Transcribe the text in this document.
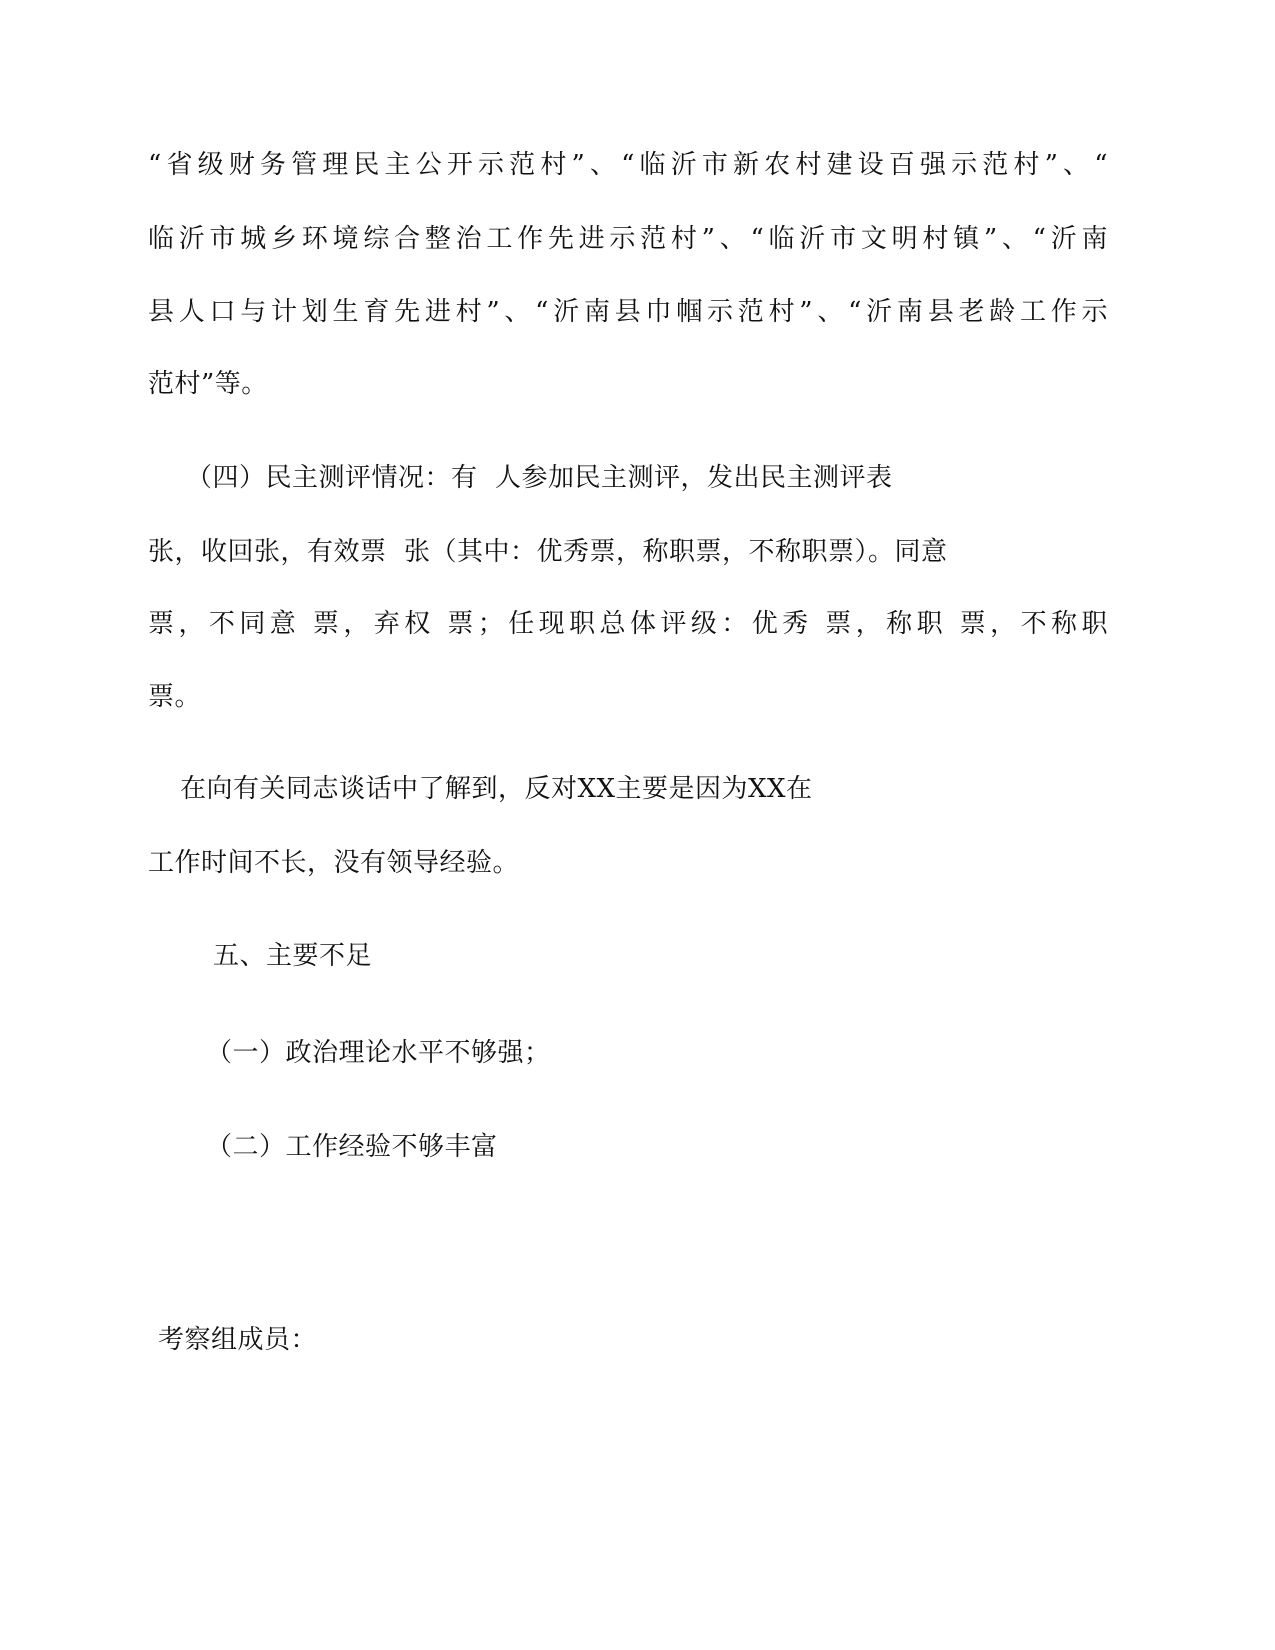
“省级财务管理民主公开示范村”、“临沂市新农村建设百强示范村”、“
临沂市城乡环境综合整治工作先进示范村”、“临沂市文明村镇”、“沂南
县人口与计划生育先进村”、“沂南县巾帼示范村”、“沂南县老龄工作示
范村”等。
（四）民主测评情况：有  人参加民主测评，发出民主测评表
张，收回张，有效票  张（其中：优秀票，称职票，不称职票）。同意
票，不同意 票，弃权 票；任现职总体评级：优秀 票，称职 票，不称职
票。
在向有关同志谈话中了解到，反对XX主要是因为XX在
工作时间不长，没有领导经验。
五、主要不足
（一）政治理论水平不够强；
（二）工作经验不够丰富
考察组成员：
